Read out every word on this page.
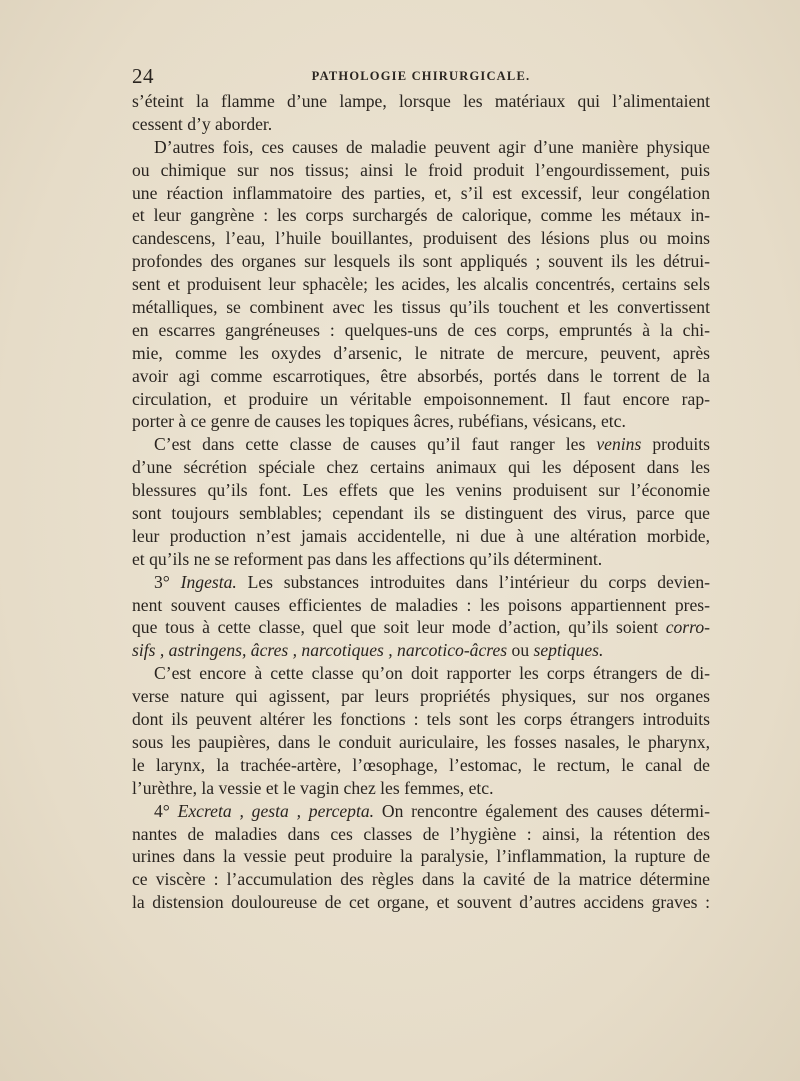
24	PATHOLOGIE CHIRURGICALE.
s’éteint la flamme d’une lampe, lorsque les matériaux qui l’alimentaient
cessent d’y aborder.
D’autres fois, ces causes de maladie peuvent agir d’une manière physique
ou chimique sur nos tissus; ainsi le froid produit l’engourdissement, puis
une réaction inflammatoire des parties, et, s’il est excessif, leur congélation
et leur gangrène : les corps surchargés de calorique, comme les métaux in-
candescens, l’eau, l’huile bouillantes, produisent des lésions plus ou moins
profondes des organes sur lesquels ils sont appliqués ; souvent ils les détrui-
sent et produisent leur sphacèle; les acides, les alcalis concentrés, certains sels
métalliques, se combinent avec les tissus qu’ils touchent et les convertissent
en escarres gangréneuses : quelques-uns de ces corps, empruntés à la chi-
mie, comme les oxydes d’arsenic, le nitrate de mercure, peuvent, après
avoir agi comme escarrotiques, être absorbés, portés dans le torrent de la
circulation, et produire un véritable empoisonnement. Il faut encore rap-
porter à ce genre de causes les topiques âcres, rubéfians, vésicans, etc.
C’est dans cette classe de causes qu’il faut ranger les venins produits
d’une sécrétion spéciale chez certains animaux qui les déposent dans les
blessures qu’ils font. Les effets que les venins produisent sur l’économie
sont toujours semblables; cependant ils se distinguent des virus, parce que
leur production n’est jamais accidentelle, ni due à une altération morbide,
et qu’ils ne se reforment pas dans les affections qu’ils déterminent.
3° Ingesta. Les substances introduites dans l’intérieur du corps devien-
nent souvent causes efficientes de maladies : les poisons appartiennent pres-
que tous à cette classe, quel que soit leur mode d’action, qu’ils soient corro-
sifs , astringens, âcres , narcotiques , narcotico-âcres ou septiques.
C’est encore à cette classe qu’on doit rapporter les corps étrangers de di-
verse nature qui agissent, par leurs propriétés physiques, sur nos organes
dont ils peuvent altérer les fonctions : tels sont les corps étrangers introduits
sous les paupières, dans le conduit auriculaire, les fosses nasales, le pharynx,
le larynx, la trachée-artère, l’œsophage, l’estomac, le rectum, le canal de
l’urèthre, la vessie et le vagin chez les femmes, etc.
4° Excreta , gesta , percepta. On rencontre également des causes détermi-
nantes de maladies dans ces classes de l’hygiène : ainsi, la rétention des
urines dans la vessie peut produire la paralysie, l’inflammation, la rupture de
ce viscère : l’accumulation des règles dans la cavité de la matrice détermine
la distension douloureuse de cet organe, et souvent d’autres accidens graves :
